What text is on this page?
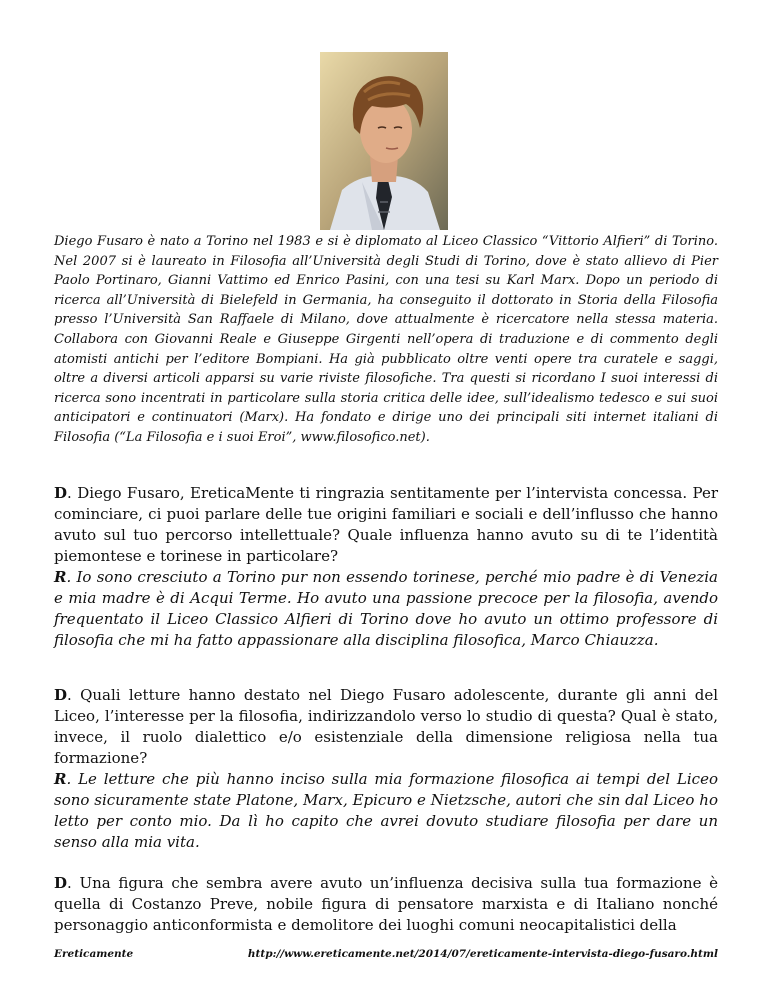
Diego Fusaro è nato a Torino nel 1983 e si è diplomato al Liceo Classico “Vittorio Alfieri” di Torino. Nel 2007 si è laureato in Filosofia all’Università degli Studi di Torino, dove è stato allievo di Pier Paolo Portinaro, Gianni Vattimo ed Enrico Pasini, con una tesi su Karl Marx. Dopo un periodo di ricerca all’Università di Bielefeld in Germania, ha conseguito il dottorato in Storia della Filosofia presso l’Università San Raffaele di Milano, dove attualmente è ricercatore nella stessa materia. Collabora con Giovanni Reale e Giuseppe Girgenti nell’opera di traduzione e di commento degli atomisti antichi per l’editore Bompiani. Ha già pubblicato oltre venti opere tra curatele e saggi, oltre a diversi articoli apparsi su varie riviste filosofiche. Tra questi si ricordano I suoi interessi di ricerca sono incentrati in particolare sulla storia critica delle idee, sull’idealismo tedesco e sui suoi anticipatori e continuatori (Marx). Ha fondato e dirige uno dei principali siti internet italiani di Filosofia (“La Filosofia e i suoi Eroi”, www.filosofico.net).

D. Diego Fusaro, EreticaMente ti ringrazia sentitamente per l’intervista concessa. Per cominciare, ci puoi parlare delle tue origini familiari e sociali e dell’influsso che hanno avuto sul tuo percorso intellettuale? Quale influenza hanno avuto su di te l’identità piemontese e torinese in particolare?

R. Io sono cresciuto a Torino pur non essendo torinese, perché mio padre è di Venezia e mia madre è di Acqui Terme. Ho avuto una passione precoce per la filosofia, avendo frequentato il Liceo Classico Alfieri di Torino dove ho avuto un ottimo professore di filosofia che mi ha fatto appassionare alla disciplina filosofica, Marco Chiauzza.

D. Quali letture hanno destato nel Diego Fusaro adolescente, durante gli anni del Liceo, l’interesse per la filosofia, indirizzandolo verso lo studio di questa? Qual è stato, invece, il ruolo dialettico e/o esistenziale della dimensione religiosa nella tua formazione?

R. Le letture che più hanno inciso sulla mia formazione filosofica ai tempi del Liceo sono sicuramente state Platone, Marx, Epicuro e Nietzsche, autori che sin dal Liceo ho letto per conto mio. Da lì ho capito che avrei dovuto studiare filosofia per dare un senso alla mia vita.

D. Una figura che sembra avere avuto un’influenza decisiva sulla tua formazione è quella di Costanzo Preve, nobile figura di pensatore marxista e di Italiano nonché personaggio anticonformista e demolitore dei luoghi comuni neocapitalistici della

Ereticamente	http://www.ereticamente.net/2014/07/ereticamente-intervista-diego-fusaro.html
